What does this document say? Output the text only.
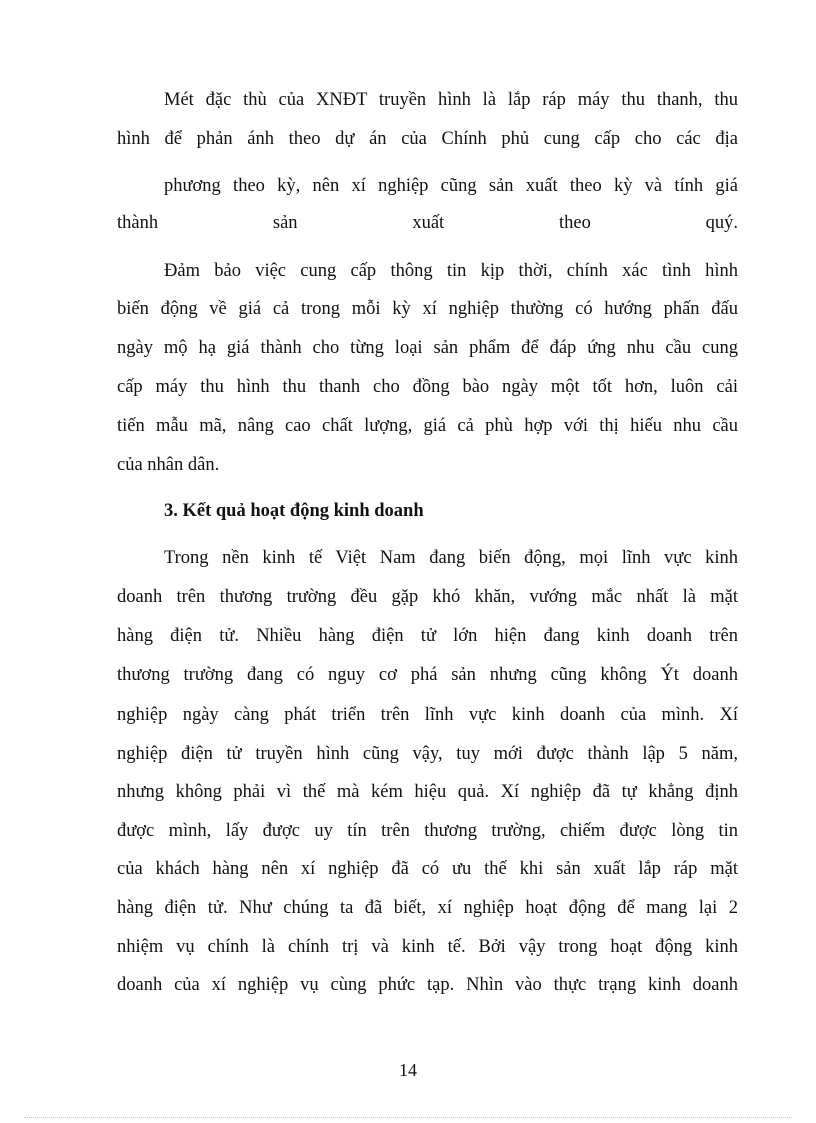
Mét đặc thù của XNĐT truyền hình là lắp ráp máy thu thanh, thu
hình để phản ánh theo dự án của Chính phủ cung cấp cho các địa
phương theo kỳ, nên xí nghiệp cũng sản xuất theo kỳ và tính giá
thành sản xuất theo quý.
Đảm bảo việc cung cấp thông tin kịp thời, chính xác tình hình
biến động về giá cả trong mỗi kỳ xí nghiệp thường có hướng phấn đấu
ngày mộ hạ giá thành cho từng loại sản phẩm để đáp ứng nhu cầu cung
cấp máy thu hình thu thanh cho đồng bào ngày một tốt hơn, luôn cải
tiến mẫu mã, nâng cao chất lượng, giá cả phù hợp với thị hiếu nhu cầu
của nhân dân.
3. Kết quả hoạt động kinh doanh
Trong nền kinh tế Việt Nam đang biến động, mọi lĩnh vực kinh
doanh trên thương trường đều gặp khó khăn, vướng mắc nhất là mặt
hàng điện tử. Nhiều hàng điện tử lớn hiện đang kinh doanh trên
thương trường đang có nguy cơ phá sản nhưng cũng không Ýt doanh
nghiệp ngày càng phát triển trên lĩnh vực kinh doanh của mình. Xí
nghiệp điện tử truyền hình cũng vậy, tuy mới được thành lập 5 năm,
nhưng không phải vì thế mà kém hiệu quả. Xí nghiệp đã tự khẳng định
được mình, lấy được uy tín trên thương trường, chiếm được lòng tin
của khách hàng nên xí nghiệp đã có ưu thế khi sản xuất lắp ráp mặt
hàng điện tử. Như chúng ta đã biết, xí nghiệp hoạt động để mang lại 2
nhiệm vụ chính là chính trị và kinh tế. Bởi vậy trong hoạt động kinh
doanh của xí nghiệp vụ cùng phức tạp. Nhìn vào thực trạng kinh doanh
14
